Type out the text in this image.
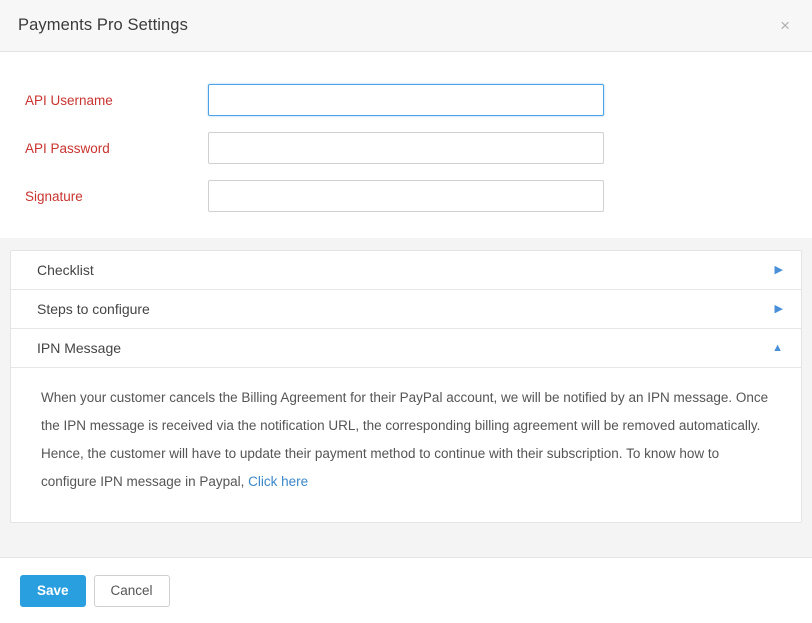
Payments Pro Settings	×
API Username
API Password
Signature
Checklist
▶
Steps to configure
▶
IPN Message
▲

When your customer cancels the Billing Agreement for their PayPal account, we will be notified by an IPN message. Once the IPN message is received via the notification URL, the corresponding billing agreement will be removed automatically. Hence, the customer will have to update their payment method to continue with their subscription. To know how to configure IPN message in Paypal, Click here

Save	Cancel
